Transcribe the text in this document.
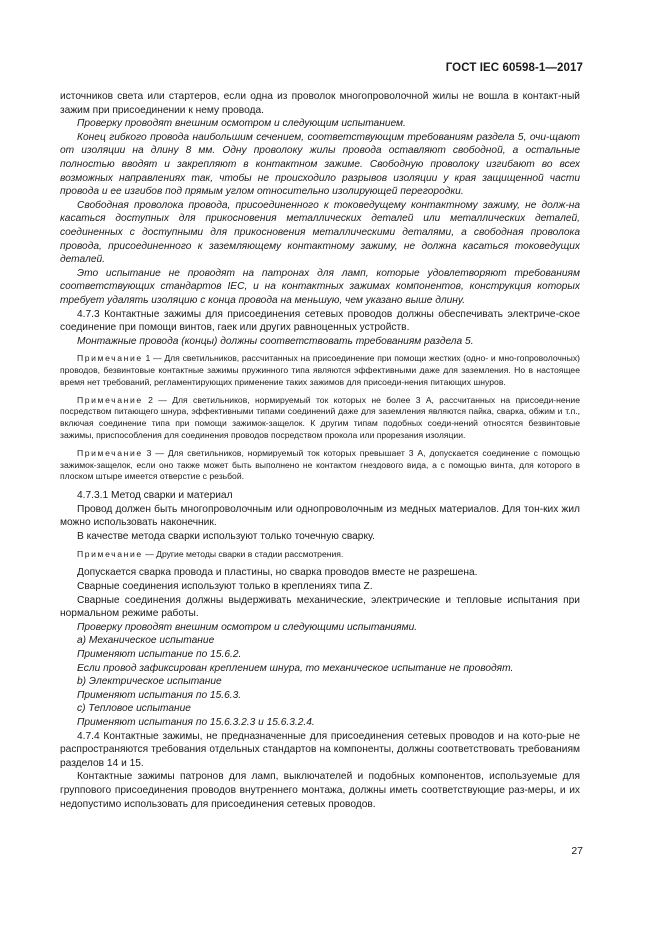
ГОСТ IEC 60598-1—2017

источников света или стартеров, если одна из проволок многопроволочной жилы не вошла в контакт-ный зажим при присоединении к нему провода.

Проверку проводят внешним осмотром и следующим испытанием.

Конец гибкого провода наибольшим сечением, соответствующим требованиям раздела 5, очи-щают от изоляции на длину 8 мм. Одну проволоку жилы провода оставляют свободной, а остальные полностью вводят и закрепляют в контактном зажиме. Свободную проволоку изгибают во всех возможных направлениях так, чтобы не происходило разрывов изоляции у края защищенной части провода и ее изгибов под прямым углом относительно изолирующей перегородки.

Свободная проволока провода, присоединенного к токоведущему контактному зажиму, не долж-на касаться доступных для прикосновения металлических деталей или металлических деталей, соединенных с доступными для прикосновения металлическими деталями, а свободная проволока провода, присоединенного к заземляющему контактному зажиму, не должна касаться токоведущих деталей.

Это испытание не проводят на патронах для ламп, которые удовлетворяют требованиям соответствующих стандартов IEC, и на контактных зажимах компонентов, конструкция которых требует удалять изоляцию с конца провода на меньшую, чем указано выше длину.

4.7.3 Контактные зажимы для присоединения сетевых проводов должны обеспечивать электриче-ское соединение при помощи винтов, гаек или других равноценных устройств.

Монтажные провода (концы) должны соответствовать требованиям раздела 5.

Примечание 1 — Для светильников, рассчитанных на присоединение при помощи жестких (одно- и мно-гопроволочных) проводов, безвинтовые контактные зажимы пружинного типа являются эффективными даже для заземления. Но в настоящее время нет требований, регламентирующих применение таких зажимов для присоеди-нения питающих шнуров.

Примечание 2 — Для светильников, нормируемый ток которых не более 3 А, рассчитанных на присоеди-нение посредством питающего шнура, эффективными типами соединений даже для заземления являются пайка, сварка, обжим и т.п., включая соединение типа при помощи зажимок-защелок. К другим типам подобных соеди-нений относятся безвинтовые зажимы, приспособления для соединения проводов посредством прокола или прорезания изоляции.

Примечание 3 — Для светильников, нормируемый ток которых превышает 3 А, допускается соединение с помощью зажимок-защелок, если оно также может быть выполнено не контактом гнездового вида, а с помощью винта, для которого в плоском штыре имеется отверстие с резьбой.

4.7.3.1 Метод сварки и материал

Провод должен быть многопроволочным или однопроволочным из медных материалов. Для тон-ких жил можно использовать наконечник.

В качестве метода сварки используют только точечную сварку.

Примечание — Другие методы сварки в стадии рассмотрения.

Допускается сварка провода и пластины, но сварка проводов вместе не разрешена.

Сварные соединения используют только в креплениях типа Z.

Сварные соединения должны выдерживать механические, электрические и тепловые испытания при нормальном режиме работы.

Проверку проводят внешним осмотром и следующими испытаниями.

а) Механическое испытание

Применяют испытание по 15.6.2.

Если провод зафиксирован креплением шнура, то механическое испытание не проводят.

b) Электрическое испытание

Применяют испытания по 15.6.3.

с) Тепловое испытание

Применяют испытания по 15.6.3.2.3 и 15.6.3.2.4.

4.7.4 Контактные зажимы, не предназначенные для присоединения сетевых проводов и на кото-рые не распространяются требования отдельных стандартов на компоненты, должны соответствовать требованиям разделов 14 и 15.

Контактные зажимы патронов для ламп, выключателей и подобных компонентов, используемые для группового присоединения проводов внутреннего монтажа, должны иметь соответствующие раз-меры, и их недопустимо использовать для присоединения сетевых проводов.

27
